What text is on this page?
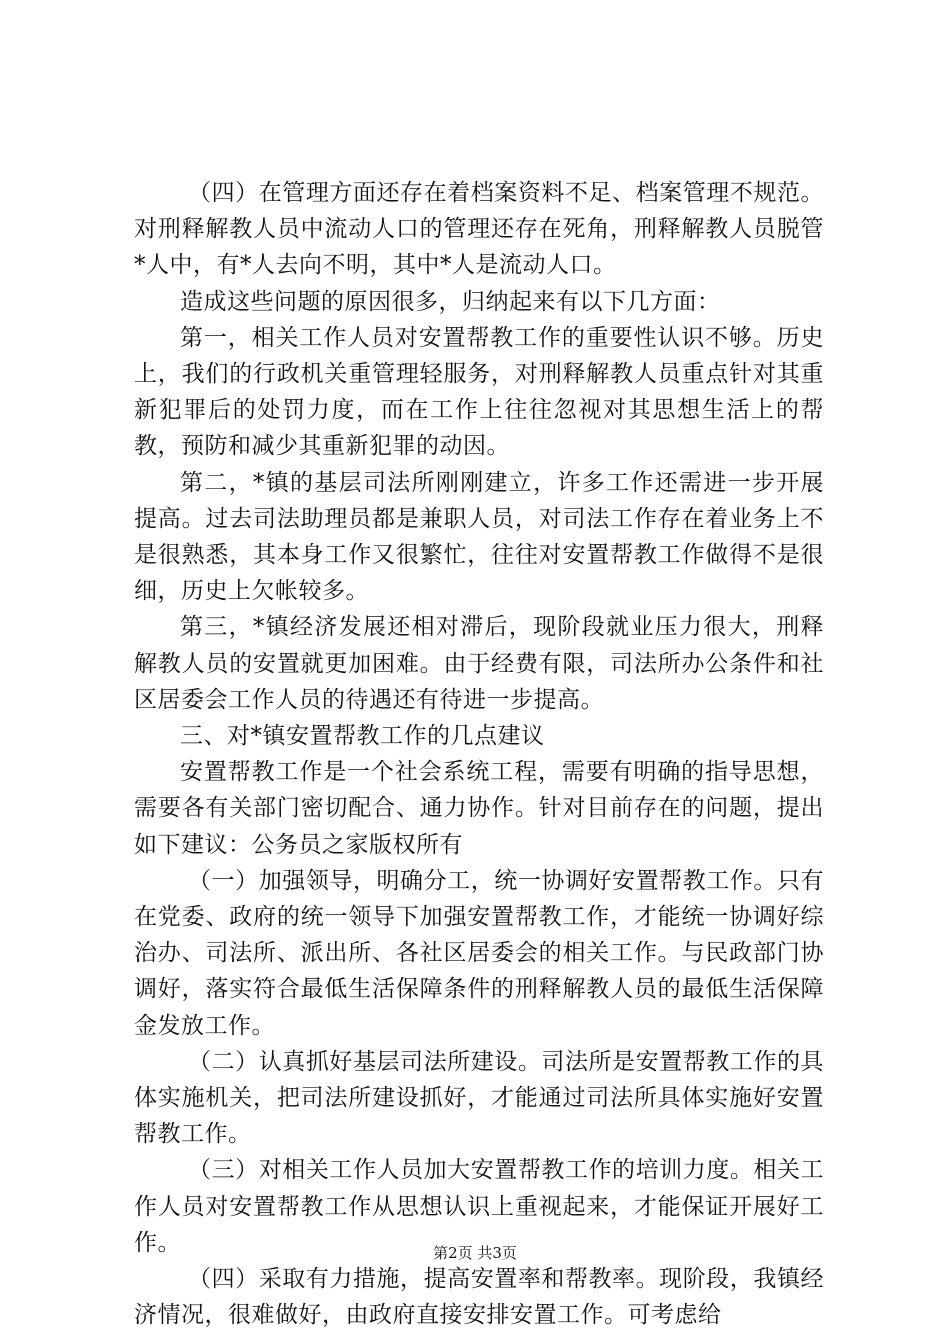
（四）在管理方面还存在着档案资料不足、档案管理不规范。对刑释解教人员中流动人口的管理还存在死角，刑释解教人员脱管*人中，有*人去向不明，其中*人是流动人口。

造成这些问题的原因很多，归纳起来有以下几方面：

第一，相关工作人员对安置帮教工作的重要性认识不够。历史上，我们的行政机关重管理轻服务，对刑释解教人员重点针对其重新犯罪后的处罚力度，而在工作上往往忽视对其思想生活上的帮教，预防和减少其重新犯罪的动因。

第二，*镇的基层司法所刚刚建立，许多工作还需进一步开展提高。过去司法助理员都是兼职人员，对司法工作存在着业务上不是很熟悉，其本身工作又很繁忙，往往对安置帮教工作做得不是很细，历史上欠帐较多。

第三，*镇经济发展还相对滞后，现阶段就业压力很大，刑释解教人员的安置就更加困难。由于经费有限，司法所办公条件和社区居委会工作人员的待遇还有待进一步提高。

三、对*镇安置帮教工作的几点建议

安置帮教工作是一个社会系统工程，需要有明确的指导思想，需要各有关部门密切配合、通力协作。针对目前存在的问题，提出如下建议：公务员之家版权所有

（一）加强领导，明确分工，统一协调好安置帮教工作。只有在党委、政府的统一领导下加强安置帮教工作，才能统一协调好综治办、司法所、派出所、各社区居委会的相关工作。与民政部门协调好，落实符合最低生活保障条件的刑释解教人员的最低生活保障金发放工作。

（二）认真抓好基层司法所建设。司法所是安置帮教工作的具体实施机关，把司法所建设抓好，才能通过司法所具体实施好安置帮教工作。

（三）对相关工作人员加大安置帮教工作的培训力度。相关工作人员对安置帮教工作从思想认识上重视起来，才能保证开展好工作。

（四）采取有力措施，提高安置率和帮教率。现阶段，我镇经济情况，很难做好，由政府直接安排安置工作。可考虑给

第2页 共3页
